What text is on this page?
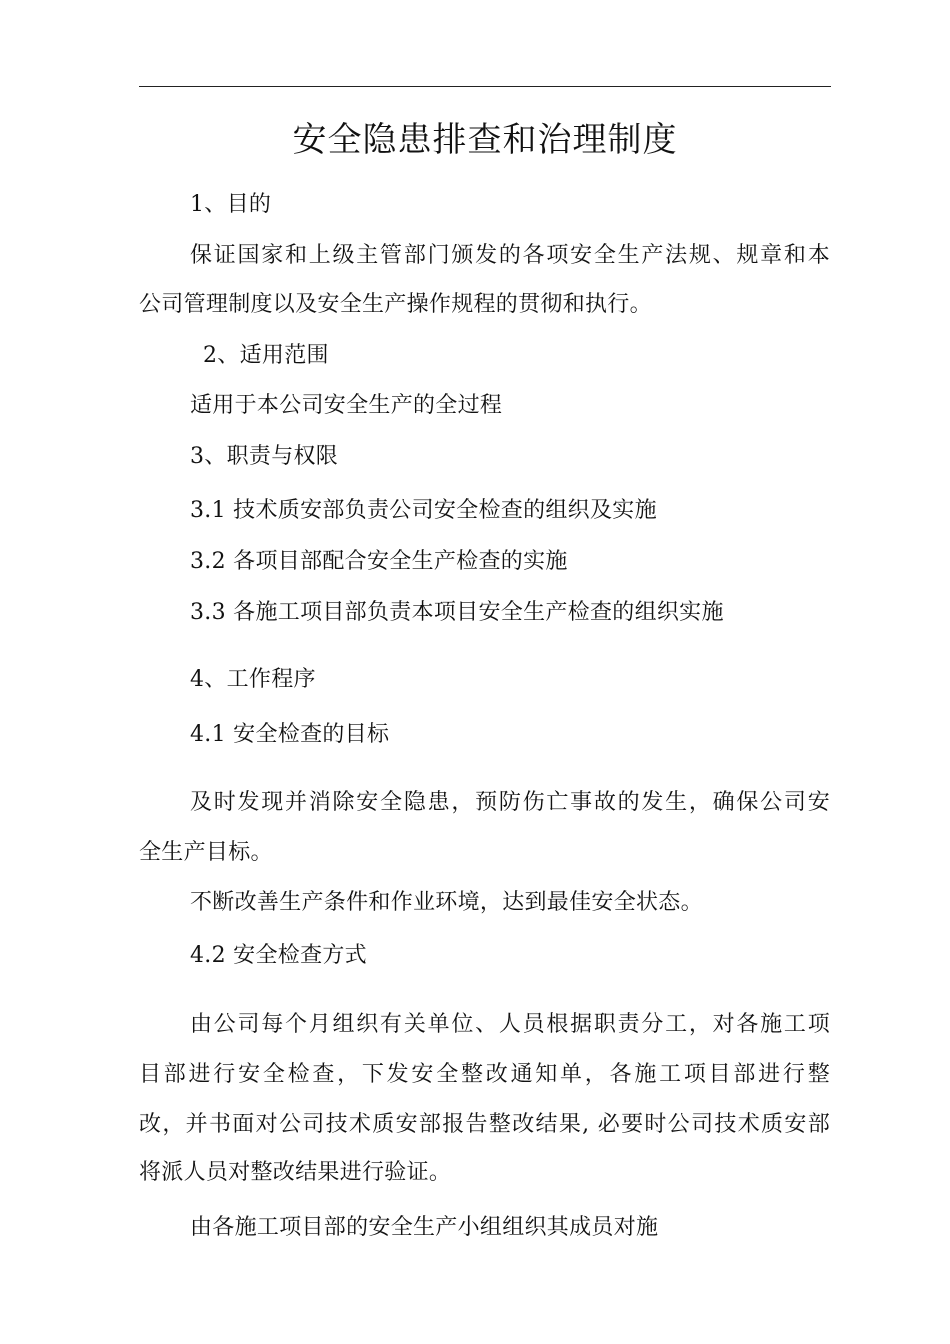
安全隐患排查和治理制度
1、目的
保证国家和上级主管部门颁发的各项安全生产法规、规章和本
公司管理制度以及安全生产操作规程的贯彻和执行。
2、适用范围
适用于本公司安全生产的全过程
3、职责与权限
3.1 技术质安部负责公司安全检查的组织及实施
3.2 各项目部配合安全生产检查的实施
3.3 各施工项目部负责本项目安全生产检查的组织实施
4、工作程序
4.1 安全检查的目标
及时发现并消除安全隐患，预防伤亡事故的发生，确保公司安
全生产目标。
不断改善生产条件和作业环境，达到最佳安全状态。
4.2 安全检查方式
由公司每个月组织有关单位、人员根据职责分工，对各施工项
目部进行安全检查，下发安全整改通知单，各施工项目部进行整
改，并书面对公司技术质安部报告整改结果, 必要时公司技术质安部
将派人员对整改结果进行验证。
由各施工项目部的安全生产小组组织其成员对施
